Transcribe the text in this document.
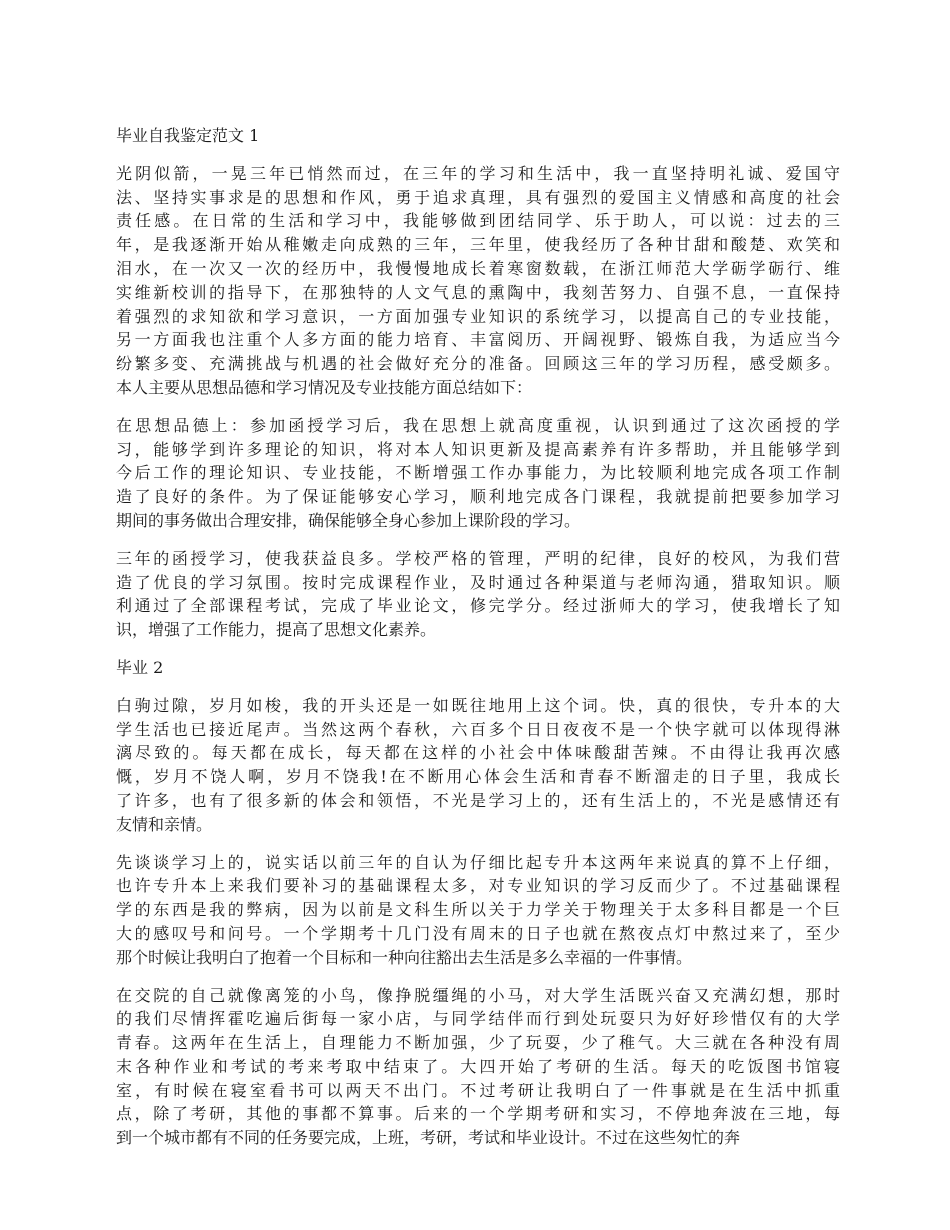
毕业自我鉴定范文 1
光阴似箭，一晃三年已悄然而过，在三年的学习和生活中，我一直坚持明礼诚、爱国守
法、坚持实事求是的思想和作风，勇于追求真理，具有强烈的爱国主义情感和高度的社会
责任感。在日常的生活和学习中，我能够做到团结同学、乐于助人，可以说：过去的三
年，是我逐渐开始从稚嫩走向成熟的三年，三年里，使我经历了各种甘甜和酸楚、欢笑和
泪水，在一次又一次的经历中，我慢慢地成长着寒窗数载，在浙江师范大学砺学砺行、维
实维新校训的指导下，在那独特的人文气息的熏陶中，我刻苦努力、自强不息，一直保持
着强烈的求知欲和学习意识，一方面加强专业知识的系统学习，以提高自己的专业技能，
另一方面我也注重个人多方面的能力培育、丰富阅历、开阔视野、锻炼自我，为适应当今
纷繁多变、充满挑战与机遇的社会做好充分的准备。回顾这三年的学习历程，感受颇多。
本人主要从思想品德和学习情况及专业技能方面总结如下：
在思想品德上：参加函授学习后，我在思想上就高度重视，认识到通过了这次函授的学
习，能够学到许多理论的知识，将对本人知识更新及提高素养有许多帮助，并且能够学到
今后工作的理论知识、专业技能，不断增强工作办事能力，为比较顺利地完成各项工作制
造了良好的条件。为了保证能够安心学习，顺利地完成各门课程，我就提前把要参加学习
期间的事务做出合理安排，确保能够全身心参加上课阶段的学习。
三年的函授学习，使我获益良多。学校严格的管理，严明的纪律，良好的校风，为我们营
造了优良的学习氛围。按时完成课程作业，及时通过各种渠道与老师沟通，猎取知识。顺
利通过了全部课程考试，完成了毕业论文，修完学分。经过浙师大的学习，使我增长了知
识，增强了工作能力，提高了思想文化素养。
毕业 2
白驹过隙，岁月如梭，我的开头还是一如既往地用上这个词。快，真的很快，专升本的大
学生活也已接近尾声。当然这两个春秋，六百多个日日夜夜不是一个快字就可以体现得淋
漓尽致的。每天都在成长，每天都在这样的小社会中体味酸甜苦辣。不由得让我再次感
慨，岁月不饶人啊，岁月不饶我!在不断用心体会生活和青春不断溜走的日子里，我成长
了许多，也有了很多新的体会和领悟，不光是学习上的，还有生活上的，不光是感情还有
友情和亲情。
先谈谈学习上的，说实话以前三年的自认为仔细比起专升本这两年来说真的算不上仔细，
也许专升本上来我们要补习的基础课程太多，对专业知识的学习反而少了。不过基础课程
学的东西是我的弊病，因为以前是文科生所以关于力学关于物理关于太多科目都是一个巨
大的感叹号和问号。一个学期考十几门没有周末的日子也就在熬夜点灯中熬过来了，至少
那个时候让我明白了抱着一个目标和一种向往豁出去生活是多么幸福的一件事情。
在交院的自己就像离笼的小鸟，像挣脱缰绳的小马，对大学生活既兴奋又充满幻想，那时
的我们尽情挥霍吃遍后街每一家小店，与同学结伴而行到处玩耍只为好好珍惜仅有的大学
青春。这两年在生活上，自理能力不断加强，少了玩耍，少了稚气。大三就在各种没有周
末各种作业和考试的考来考取中结束了。大四开始了考研的生活。每天的吃饭图书馆寝
室，有时候在寝室看书可以两天不出门。不过考研让我明白了一件事就是在生活中抓重
点，除了考研，其他的事都不算事。后来的一个学期考研和实习，不停地奔波在三地，每
到一个城市都有不同的任务要完成，上班，考研，考试和毕业设计。不过在这些匆忙的奔
